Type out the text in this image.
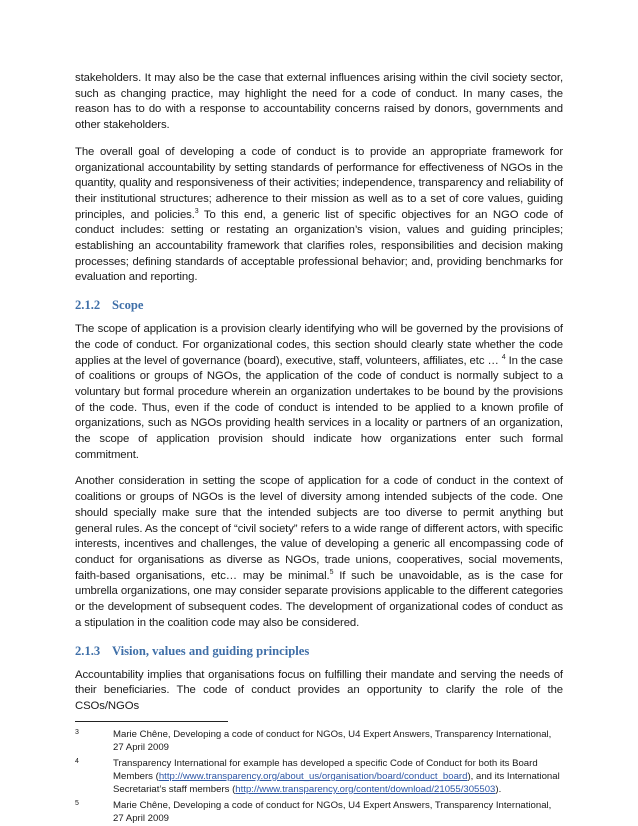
stakeholders. It may also be the case that external influences arising within the civil society sector, such as changing practice, may highlight the need for a code of conduct. In many cases, the reason has to do with a response to accountability concerns raised by donors, governments and other stakeholders.

The overall goal of developing a code of conduct is to provide an appropriate framework for organizational accountability by setting standards of performance for effectiveness of NGOs in the quantity, quality and responsiveness of their activities; independence, transparency and reliability of their institutional structures; adherence to their mission as well as to a set of core values, guiding principles, and policies.$^3$ To this end, a generic list of specific objectives for an NGO code of conduct includes: setting or restating an organization’s vision, values and guiding principles; establishing an accountability framework that clarifies roles, responsibilities and decision making processes; defining standards of acceptable professional behavior; and, providing benchmarks for evaluation and reporting.

2.1.2 Scope

The scope of application is a provision clearly identifying who will be governed by the provisions of the code of conduct. For organizational codes, this section should clearly state whether the code applies at the level of governance (board), executive, staff, volunteers, affiliates, etc … $^4$ In the case of coalitions or groups of NGOs, the application of the code of conduct is normally subject to a voluntary but formal procedure wherein an organization undertakes to be bound by the provisions of the code. Thus, even if the code of conduct is intended to be applied to a known profile of organizations, such as NGOs providing health services in a locality or partners of an organization, the scope of application provision should indicate how organizations enter such formal commitment.

Another consideration in setting the scope of application for a code of conduct in the context of coalitions or groups of NGOs is the level of diversity among intended subjects of the code. One should specially make sure that the intended subjects are too diverse to permit anything but general rules. As the concept of “civil society” refers to a wide range of different actors, with specific interests, incentives and challenges, the value of developing a generic all encompassing code of conduct for organisations as diverse as NGOs, trade unions, cooperatives, social movements, faith-based organisations, etc… may be minimal.$^5$ If such be unavoidable, as is the case for umbrella organizations, one may consider separate provisions applicable to the different categories or the development of subsequent codes. The development of organizational codes of conduct as a stipulation in the coalition code may also be considered.

2.1.3 Vision, values and guiding principles

Accountability implies that organisations focus on fulfilling their mandate and serving the needs of their beneficiaries. The code of conduct provides an opportunity to clarify the role of the CSOs/NGOs

3	Marie Chêne, Developing a code of conduct for NGOs, U4 Expert Answers, Transparency International, 27 April 2009
4	Transparency International for example has developed a specific Code of Conduct for both its Board Members (http://www.transparency.org/about_us/organisation/board/conduct_board), and its International Secretariat’s staff members (http://www.transparency.org/content/download/21055/305503).
5	Marie Chêne, Developing a code of conduct for NGOs, U4 Expert Answers, Transparency International, 27 April 2009
